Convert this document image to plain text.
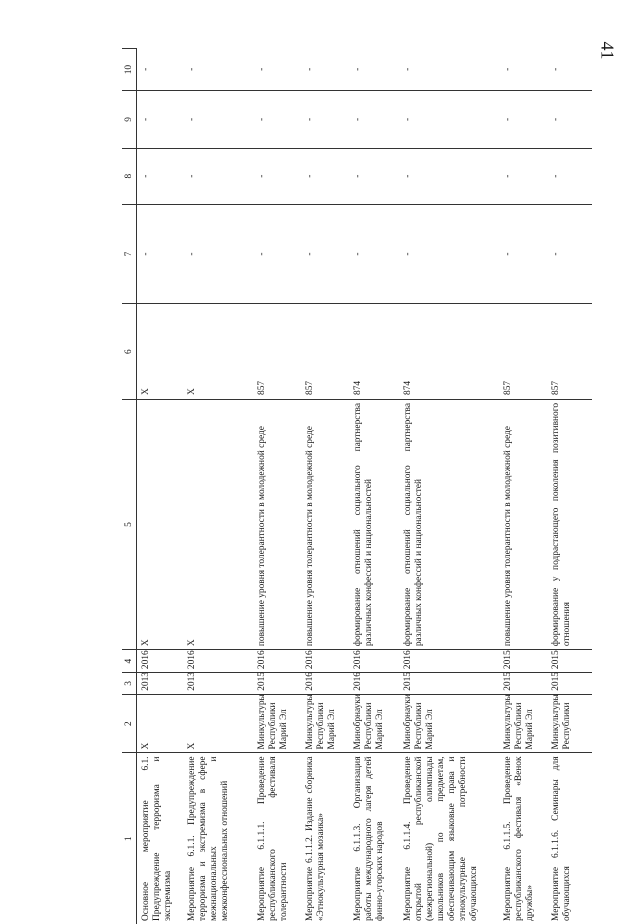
41
1	2	3	4	5	6	7	8	9	10
Основное мероприятие 6.1. Предупреждение терроризма и экстремизма	X	2013	2016	X	X	-	-	-	-
Мероприятие 6.1.1. Предупреждение терроризма и экстремизма в сфере межнациональных и межконфессиональных отношений	X	2013	2016	X	X	-	-	-	-
Мероприятие 6.1.1.1. Проведение республиканского фестиваля толерантности	Минкультуры Республики Марий Эл	2015	2016	повышение уровня толерантности в молодежной среде	857	-	-	-	-
Мероприятие 6.1.1.2. Издание сборника «Этнокультурная мозаика»	Минкультуры Республики Марий Эл	2016	2016	повышение уровня толерантности в молодежной среде	857	-	-	-	-
Мероприятие 6.1.1.3. Организация работы международного лагеря детей финно-угорских народов	Минобрнауки Республики Марий Эл	2016	2016	формирование отношений социального партнерства различных конфессий и национальностей	874	-	-	-	-
Мероприятие 6.1.1.4. Проведение открытой республиканской (межрегиональной) олимпиады школьников по предметам, обеспечивающим языковые права и этнокультурные потребности обучающихся	Минобрнауки Республики Марий Эл	2015	2016	формирование отношений социального партнерства различных конфессий и национальностей	874	-	-	-	-
Мероприятие 6.1.1.5. Проведение республиканского фестиваля «Венок дружбы»	Минкультуры Республики Марий Эл	2015	2015	повышение уровня толерантности в молодежной среде	857	-	-	-	-
Мероприятие 6.1.1.6. Семинары для обучающихся	Минкультуры Республики	2015	2015	формирование у подрастающего поколения позитивного отношения	857	-	-	-	-
